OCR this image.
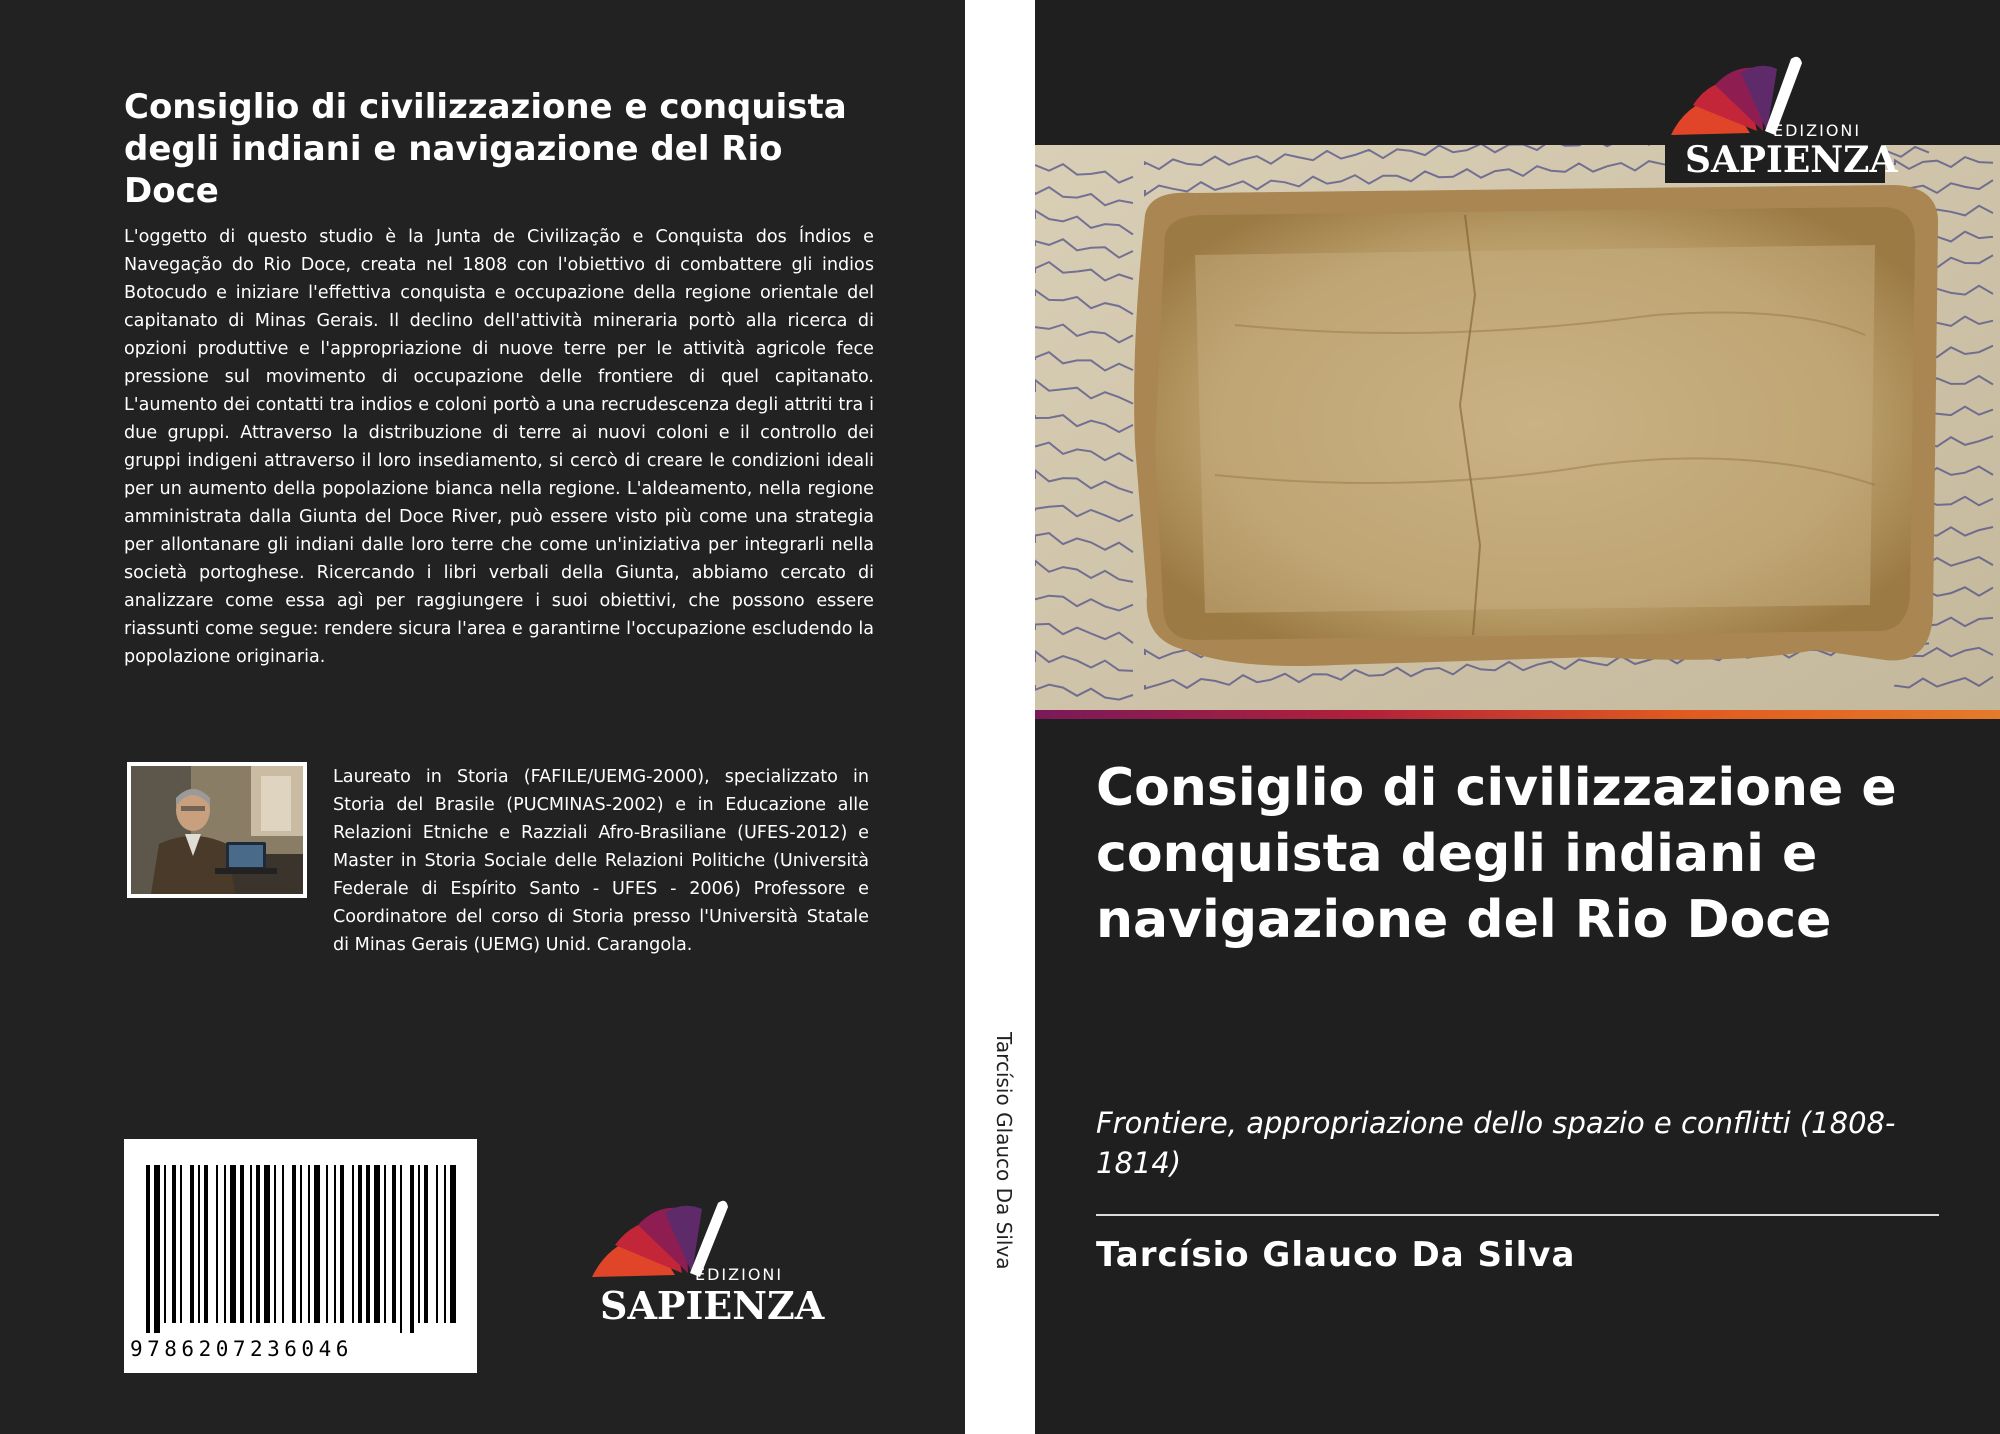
Consiglio di civilizzazione e conquista degli indiani e navigazione del Rio Doce

L'oggetto di questo studio è la Junta de Civilização e Conquista dos Índios e Navegação do Rio Doce, creata nel 1808 con l'obiettivo di combattere gli indios Botocudo e iniziare l'effettiva conquista e occupazione della regione orientale del capitanato di Minas Gerais. Il declino dell'attività mineraria portò alla ricerca di opzioni produttive e l'appropriazione di nuove terre per le attività agricole fece pressione sul movimento di occupazione delle frontiere di quel capitanato. L'aumento dei contatti tra indios e coloni portò a una recrudescenza degli attriti tra i due gruppi. Attraverso la distribuzione di terre ai nuovi coloni e il controllo dei gruppi indigeni attraverso il loro insediamento, si cercò di creare le condizioni ideali per un aumento della popolazione bianca nella regione. L'aldeamento, nella regione amministrata dalla Giunta del Doce River, può essere visto più come una strategia per allontanare gli indiani dalle loro terre che come un'iniziativa per integrarli nella società portoghese. Ricercando i libri verbali della Giunta, abbiamo cercato di analizzare come essa agì per raggiungere i suoi obiettivi, che possono essere riassunti come segue: rendere sicura l'area e garantirne l'occupazione escludendo la popolazione originaria.

Laureato in Storia (FAFILE/UEMG-2000), specializzato in Storia del Brasile (PUCMINAS-2002) e in Educazione alle Relazioni Etniche e Razziali Afro-Brasiliane (UFES-2012) e Master in Storia Sociale delle Relazioni Politiche (Università Federale di Espírito Santo - UFES - 2006) Professore e Coordinatore del corso di Storia presso l'Università Statale di Minas Gerais (UEMG) Unid. Carangola.

9786207236046
EDIZIONI
SAPIENZA
Tarcísio Glauco Da Silva
EDIZIONI
SAPIENZA
Consiglio di civilizzazione e conquista degli indiani e navigazione del Rio Doce

Frontiere, appropriazione dello spazio e conflitti (1808-1814)

Tarcísio Glauco Da Silva
